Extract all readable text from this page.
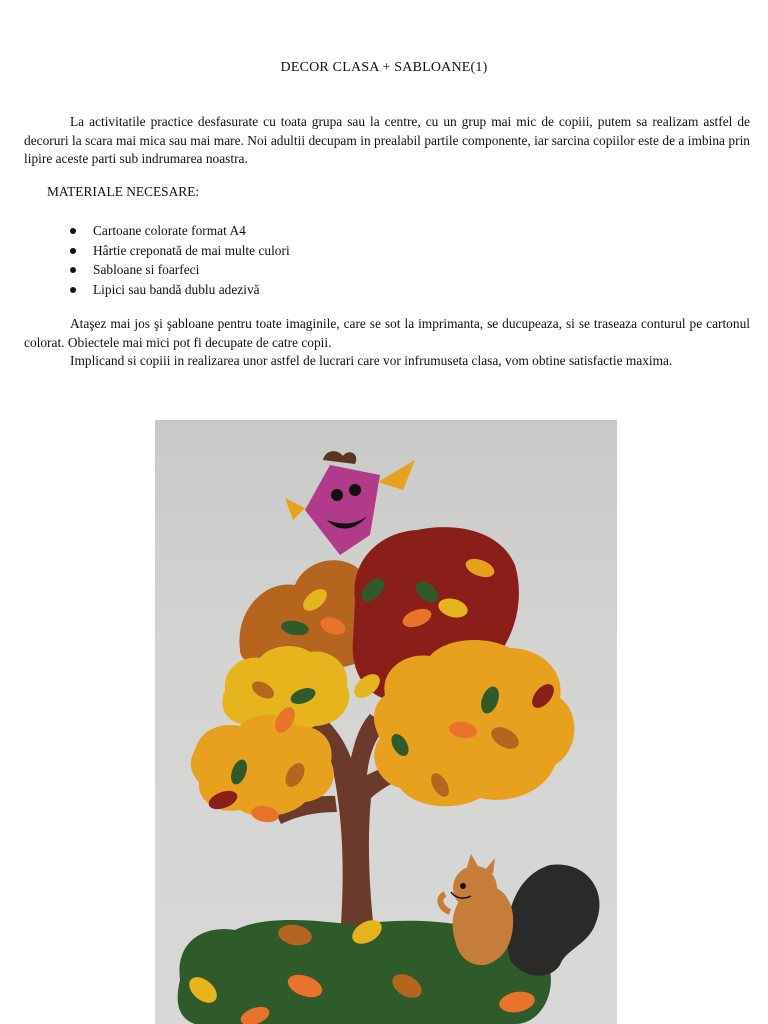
DECOR CLASA + SABLOANE(1)

La activitatile practice desfasurate cu toata grupa sau la centre, cu un grup mai mic de copiii, putem sa realizam astfel de decoruri la scara mai mica sau mai mare. Noi adultii decupam in prealabil partile componente, iar sarcina copiilor este de a imbina prin lipire aceste parti sub indrumarea noastra.

MATERIALE NECESARE:
Cartoane colorate format A4
Hârtie creponată de mai multe culori
Sabloane si foarfeci
Lipici sau bandă dublu adezivă
Ataşez mai jos şi şabloane pentru toate imaginile, care se sot la imprimanta, se ducupeaza, si se traseaza conturul pe cartonul colorat. Obiectele mai mici pot fi decupate de catre copii.
Implicand si copiii in realizarea unor astfel de lucrari care vor infrumuseta clasa, vom obtine satisfactie maxima.
